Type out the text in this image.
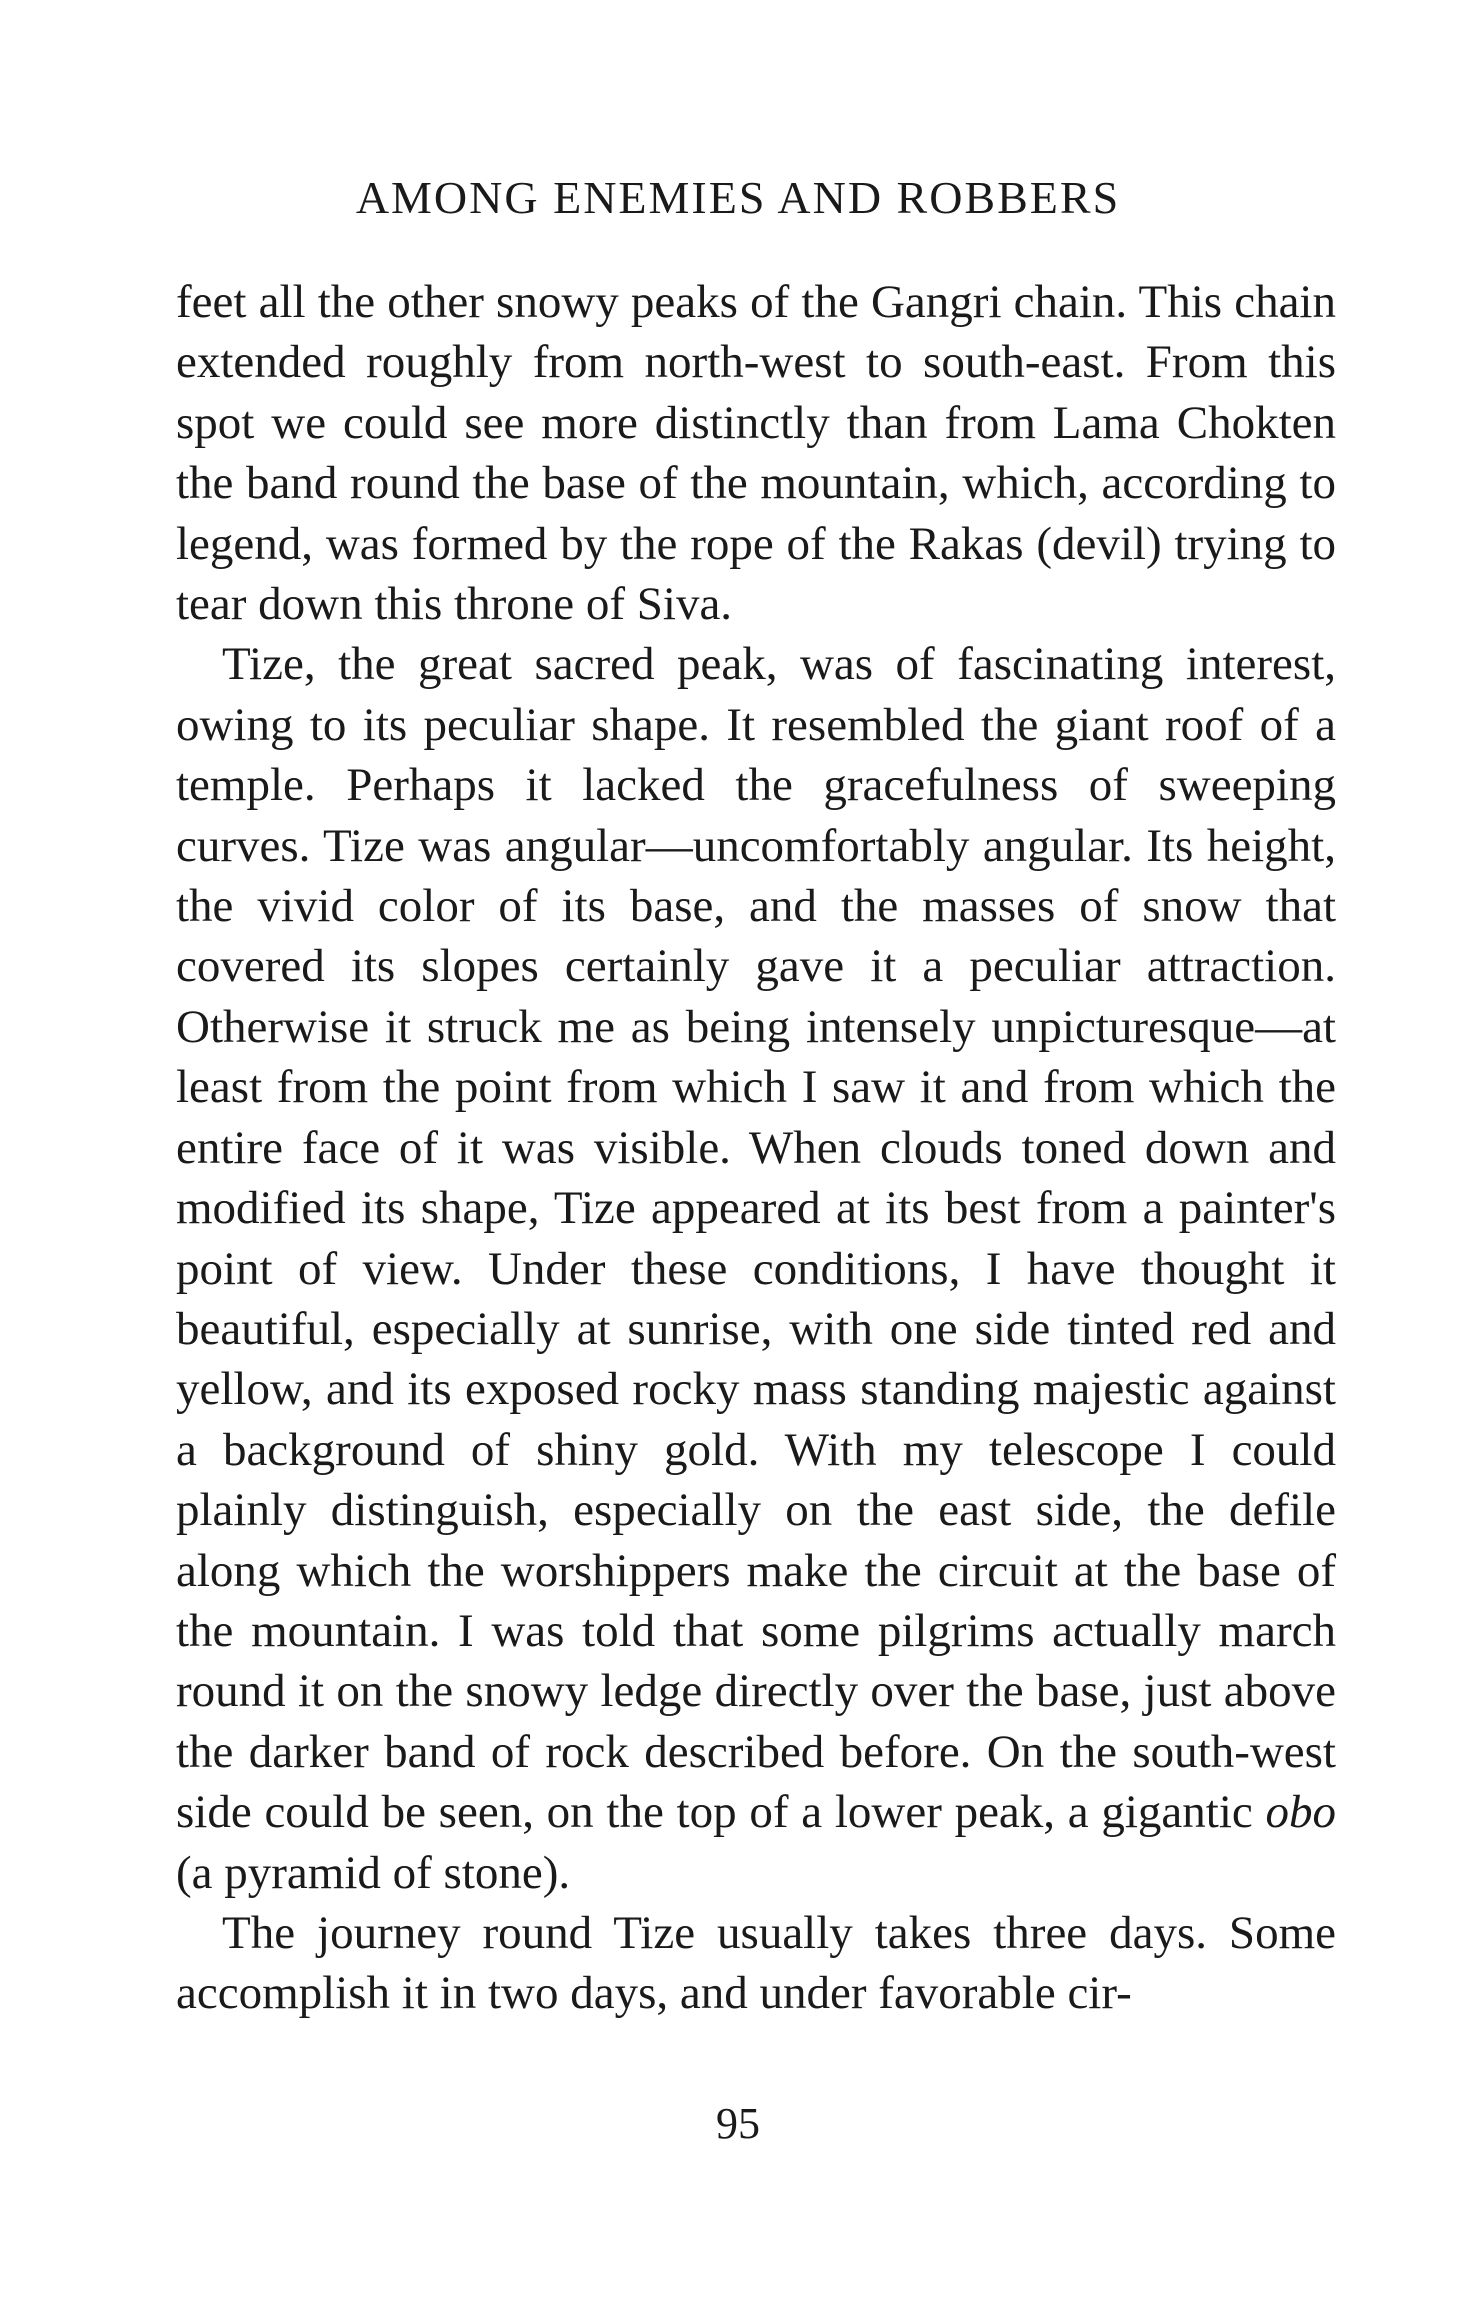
AMONG ENEMIES AND ROBBERS

feet all the other snowy peaks of the Gangri chain. This chain extended roughly from north-west to south-east. From this spot we could see more distinctly than from Lama Chokten the band round the base of the mountain, which, according to legend, was formed by the rope of the Rakas (devil) trying to tear down this throne of Siva.

Tize, the great sacred peak, was of fascinating interest, owing to its peculiar shape. It resembled the giant roof of a temple. Perhaps it lacked the gracefulness of sweeping curves. Tize was angular—uncomfortably angular. Its height, the vivid color of its base, and the masses of snow that covered its slopes certainly gave it a peculiar attraction. Otherwise it struck me as being intensely unpicturesque—at least from the point from which I saw it and from which the entire face of it was visible. When clouds toned down and modified its shape, Tize appeared at its best from a painter's point of view. Under these conditions, I have thought it beautiful, especially at sunrise, with one side tinted red and yellow, and its exposed rocky mass standing majestic against a background of shiny gold. With my telescope I could plainly distinguish, especially on the east side, the defile along which the worshippers make the circuit at the base of the mountain. I was told that some pilgrims actually march round it on the snowy ledge directly over the base, just above the darker band of rock described before. On the south-west side could be seen, on the top of a lower peak, a gigantic obo (a pyramid of stone).

The journey round Tize usually takes three days. Some accomplish it in two days, and under favorable cir-

95
